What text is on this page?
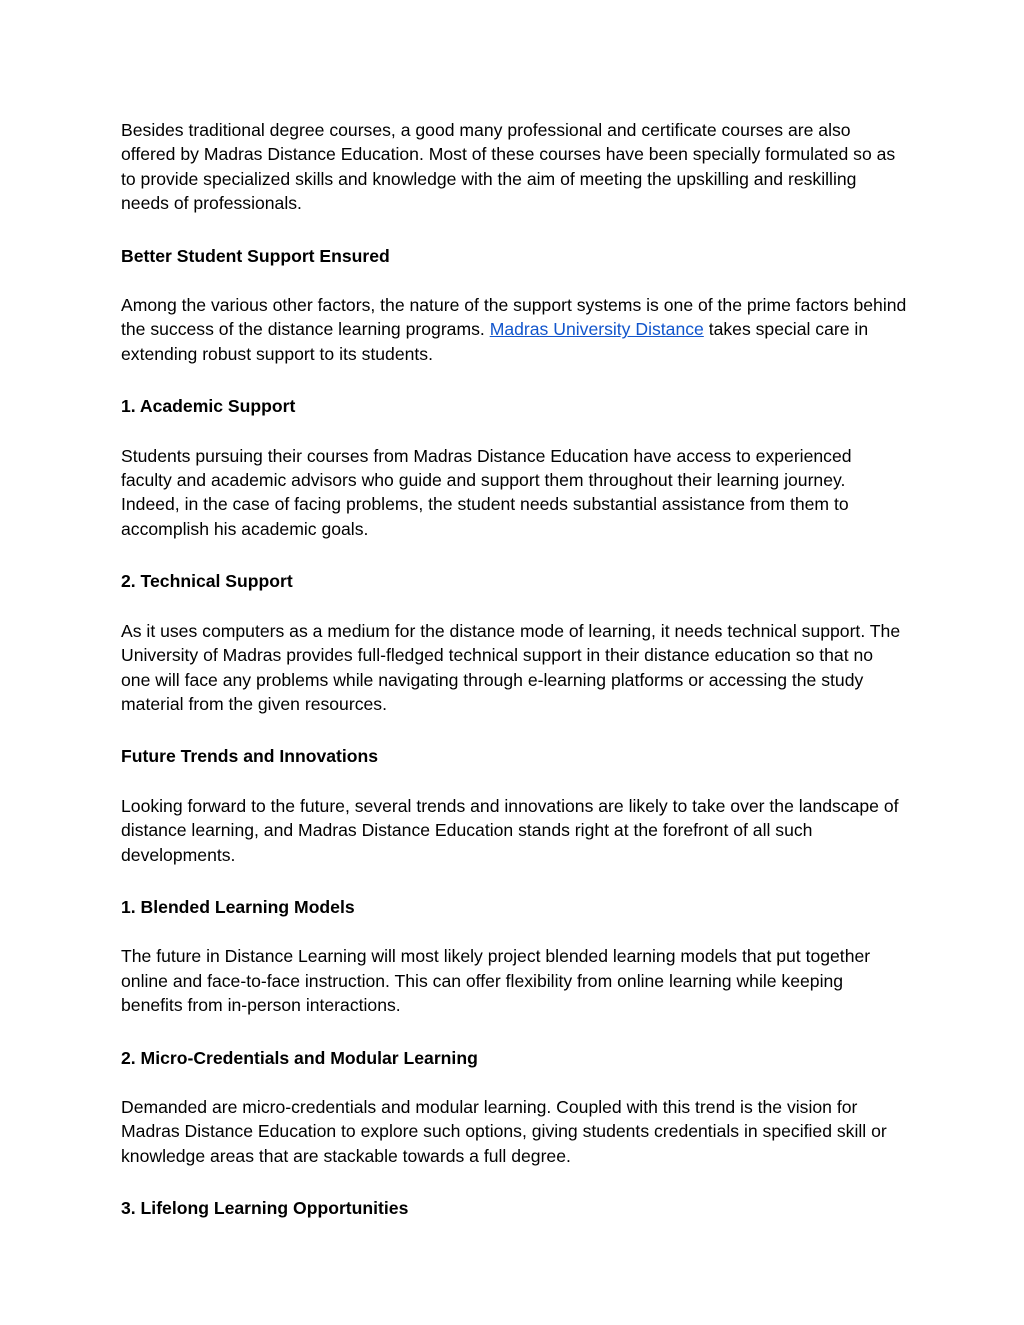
Besides traditional degree courses, a good many professional and certificate courses are also offered by Madras Distance Education. Most of these courses have been specially formulated so as to provide specialized skills and knowledge with the aim of meeting the upskilling and reskilling needs of professionals.

Better Student Support Ensured

Among the various other factors, the nature of the support systems is one of the prime factors behind the success of the distance learning programs. Madras University Distance takes special care in extending robust support to its students.

1. Academic Support

Students pursuing their courses from Madras Distance Education have access to experienced faculty and academic advisors who guide and support them throughout their learning journey. Indeed, in the case of facing problems, the student needs substantial assistance from them to accomplish his academic goals.

2. Technical Support

As it uses computers as a medium for the distance mode of learning, it needs technical support. The University of Madras provides full-fledged technical support in their distance education so that no one will face any problems while navigating through e-learning platforms or accessing the study material from the given resources.

Future Trends and Innovations

Looking forward to the future, several trends and innovations are likely to take over the landscape of distance learning, and Madras Distance Education stands right at the forefront of all such developments.

1. Blended Learning Models

The future in Distance Learning will most likely project blended learning models that put together online and face-to-face instruction. This can offer flexibility from online learning while keeping benefits from in-person interactions.

2. Micro-Credentials and Modular Learning

Demanded are micro-credentials and modular learning. Coupled with this trend is the vision for Madras Distance Education to explore such options, giving students credentials in specified skill or knowledge areas that are stackable towards a full degree.

3. Lifelong Learning Opportunities
